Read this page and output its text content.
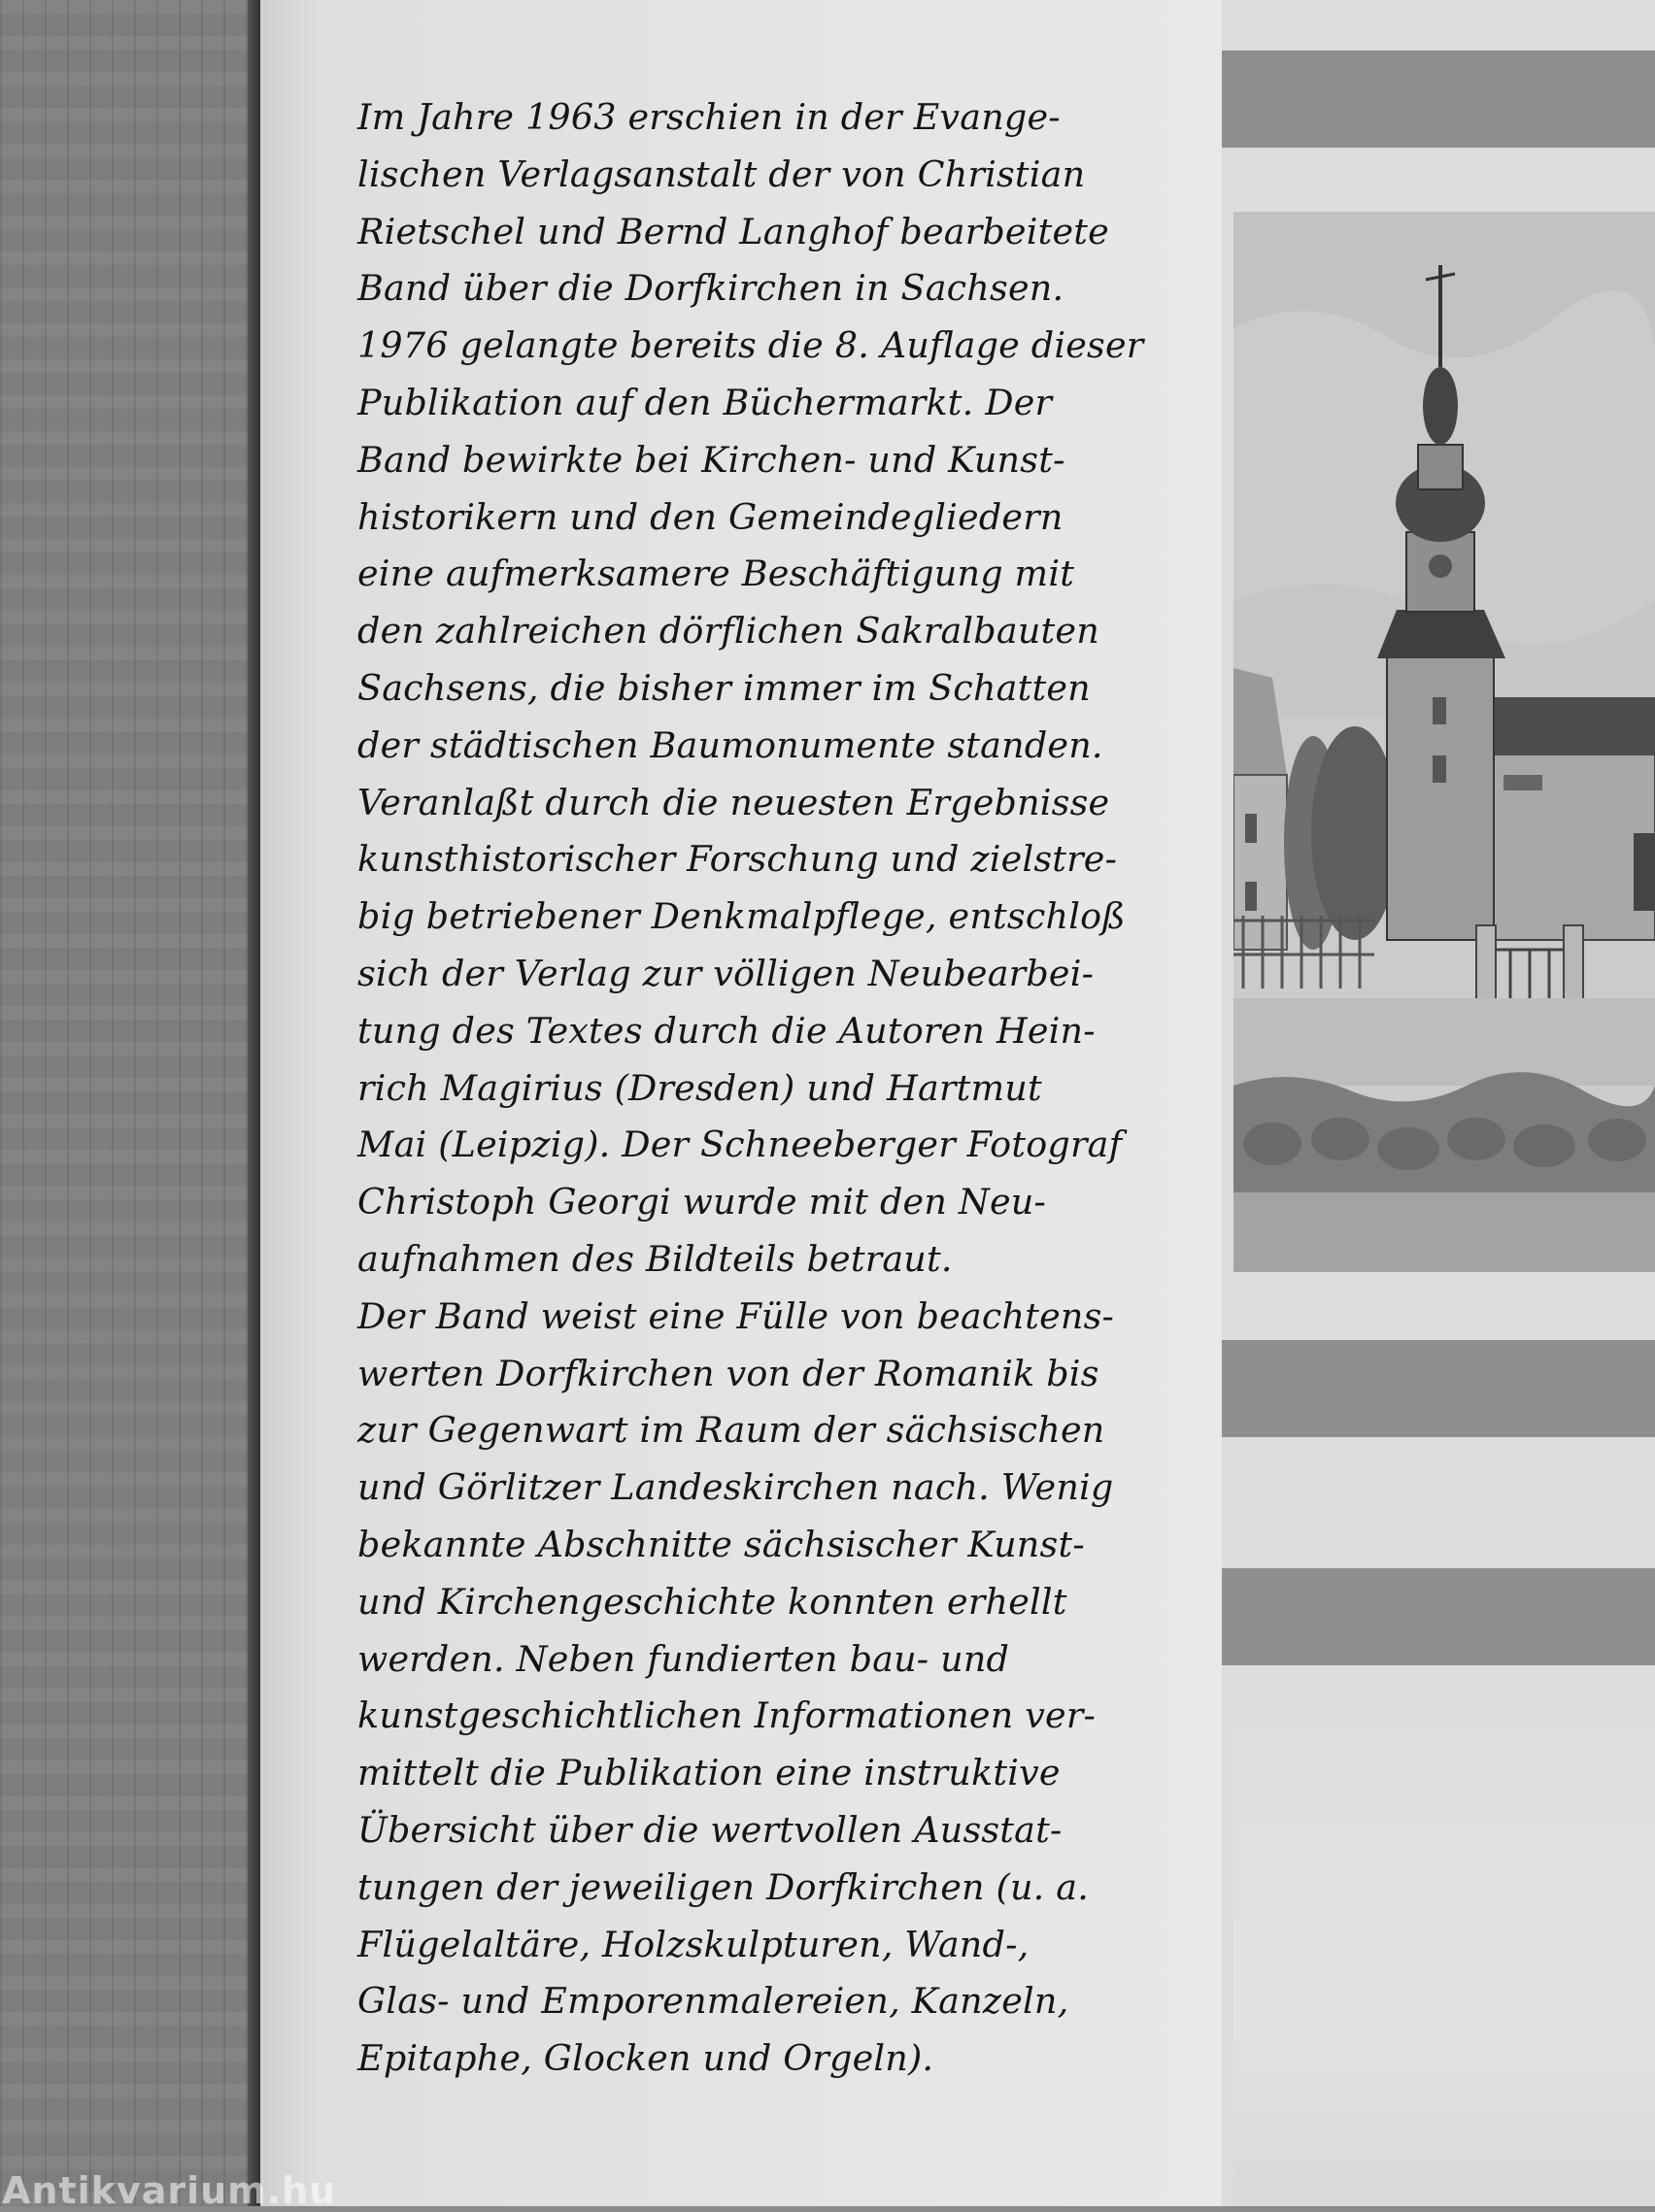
Im Jahre 1963 erschien in der Evange-
lischen Verlagsanstalt der von Christian
Rietschel und Bernd Langhof bearbeitete
Band über die Dorfkirchen in Sachsen.
1976 gelangte bereits die 8. Auflage dieser
Publikation auf den Büchermarkt. Der
Band bewirkte bei Kirchen- und Kunst-
historikern und den Gemeindegliedern
eine aufmerksamere Beschäftigung mit
den zahlreichen dörflichen Sakralbauten
Sachsens, die bisher immer im Schatten
der städtischen Baumonumente standen.
Veranlaßt durch die neuesten Ergebnisse
kunsthistorischer Forschung und zielstre-
big betriebener Denkmalpflege, entschloß
sich der Verlag zur völligen Neubearbei-
tung des Textes durch die Autoren Hein-
rich Magirius (Dresden) und Hartmut
Mai (Leipzig). Der Schneeberger Fotograf
Christoph Georgi wurde mit den Neu-
aufnahmen des Bildteils betraut.
Der Band weist eine Fülle von beachtens-
werten Dorfkirchen von der Romanik bis
zur Gegenwart im Raum der sächsischen
und Görlitzer Landeskirchen nach. Wenig
bekannte Abschnitte sächsischer Kunst-
und Kirchengeschichte konnten erhellt
werden. Neben fundierten bau- und
kunstgeschichtlichen Informationen ver-
mittelt die Publikation eine instruktive
Übersicht über die wertvollen Ausstat-
tungen der jeweiligen Dorfkirchen (u. a.
Flügelaltäre, Holzskulpturen, Wand-,
Glas- und Emporenmalereien, Kanzeln,
Epitaphe, Glocken und Orgeln).
Antikvarium.hu
